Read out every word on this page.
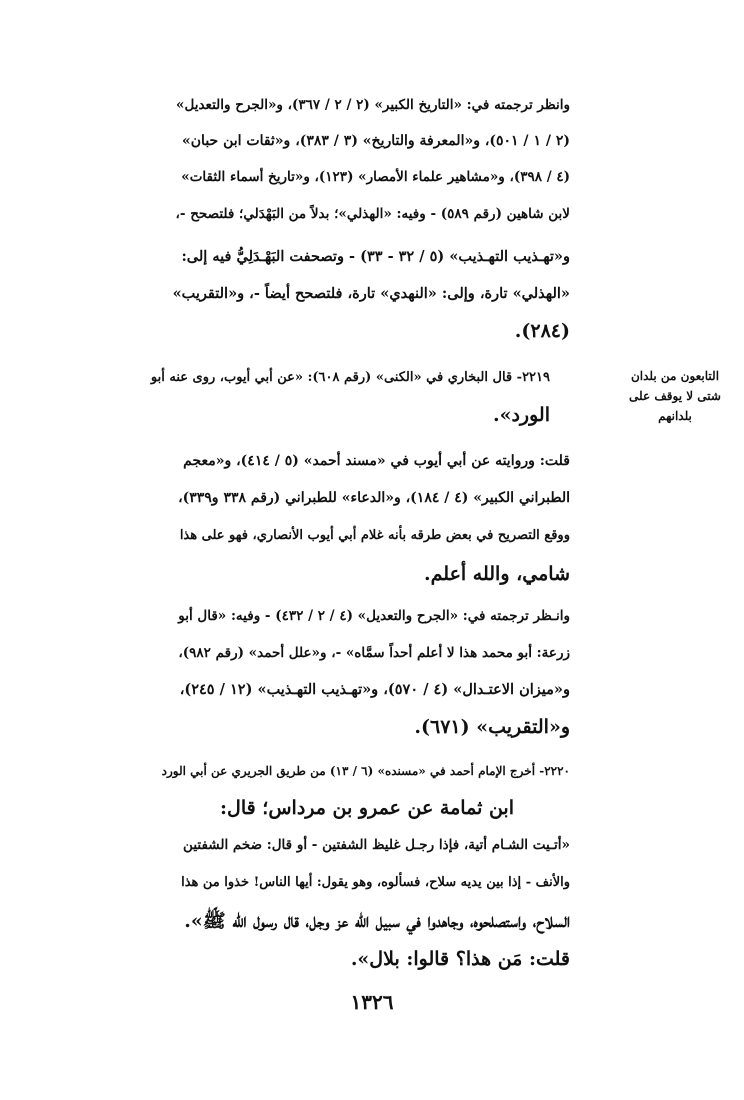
وانظر ترجمته في: «التاريخ الكبير» (٢ / ٢ / ٣٦٧)، و«الجرح والتعديل»
(٢ / ١ / ٥٠١)، و«المعرفة والتاريخ» (٣ / ٣٨٣)، و«ثقات ابن حبان»
(٤ / ٣٩٨)، و«مشاهير علماء الأمصار» (١٢٣)، و«تاريخ أسماء الثقات»
لابن شاهين (رقم ٥٨٩) - وفيه: «الهذلي»؛ بدلاً من البَهْدَلي؛ فلتصحح -،
و«تهـذيب التهـذيب» (٥ / ٣٢ - ٣٣) - وتصحفت البَهْـدَلِيُّ فيه إلى:
«الهذلي» تارة، وإلى: «النهدي» تارة، فلتصحح أيضاً -، و«التقريب»
(٢٨٤).
٢٢١٩- قال البخاري في «الكنى» (رقم ٦٠٨): «عن أبي أيوب، روى عنه أبو
الورد».
التابعون من بلدان
شتى لا يوقف على
بلدانهم
قلت: وروايته عن أبي أيوب في «مسند أحمد» (٥ / ٤١٤)، و«معجم
الطبراني الكبير» (٤ / ١٨٤)، و«الدعاء» للطبراني (رقم ٣٣٨ و٣٣٩)،
ووقع التصريح في بعض طرقه بأنه غلام أبي أيوب الأنصاري، فهو على هذا
شامي، والله أعلم.
وانـظر ترجمته في: «الجرح والتعديل» (٤ / ٢ / ٤٣٢) - وفيه: «قال أبو
زرعة: أبو محمد هذا لا أعلم أحداً سمَّاه» -، و«علل أحمد» (رقم ٩٨٢)،
و«ميزان الاعتـدال» (٤ / ٥٧٠)، و«تهـذيب التهـذيب» (١٢ / ٢٤٥)،
و«التقريب» (٦٧١).
٢٢٢٠- أخرج الإمام أحمد في «مسنده» (٦ / ١٣) من طريق الجريري عن أبي الورد
ابن ثمامة عن عمرو بن مرداس؛ قال:
«أتـيت الشـام أتية، فإذا رجـل غليظ الشفتين - أو قال: ضخم الشفتين
والأنف - إذا بين يديه سلاح، فسألوه، وهو يقول: أيها الناس! خذوا من هذا
السلاح، واستصلحوه، وجاهدوا في سبيل الله عز وجل، قال رسول الله ﷺ».
قلت: مَن هذا؟ قالوا: بلال».
١٣٢٦
